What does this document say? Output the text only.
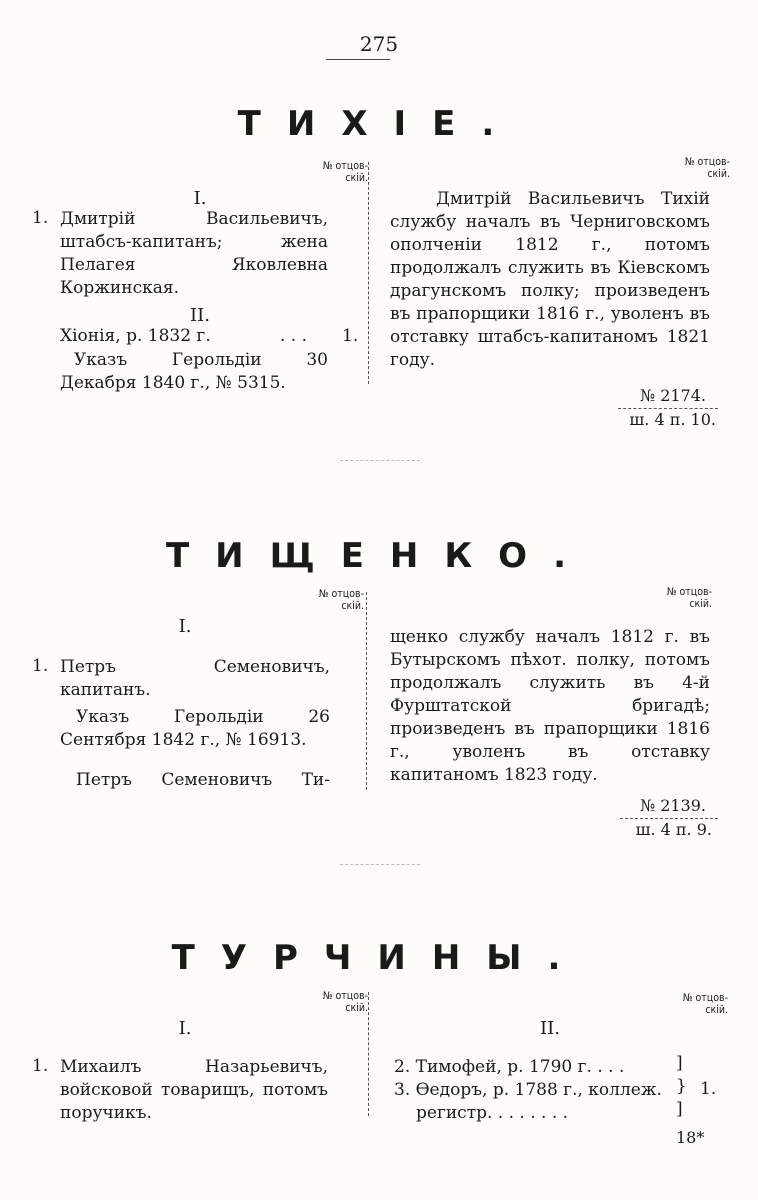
275
ТИХІЕ.
№ отцов-
скій.
№ отцов-
скій.
I.
1. Дмитрій Васильевичъ,

штабсъ-капитанъ; жена Пелагея Яковлевна Коржинская.

II.
Хіонія, р. 1832 г.	. . . 1.
Указъ Герольдіи 30 Декабря 1840 г., № 5315.
Дмитрій Васильевичъ Тихій службу началъ въ Черниговскомъ ополченіи 1812 г., потомъ продолжалъ служить въ Кіевскомъ драгунскомъ полку; произведенъ въ прапорщики 1816 г., уволенъ въ отставку штабсъ-капитаномъ 1821 году.
№ 2174.
ш. 4 п. 10.
ТИЩЕНКО.
№ отцов-
скій.
№ отцов-
скій.
I.
1. Петръ Семеновичъ, капитанъ.
Указъ Герольдіи 26 Сентября 1842 г., № 16913.
Петръ Семеновичъ Ти-
щенко службу началъ 1812 г. въ Бутырскомъ пѣхот. полку, потомъ продолжалъ служить въ 4-й Фурштатской бригадѣ; произведенъ въ прапорщики 1816 г., уволенъ въ отставку капитаномъ 1823 году.
№ 2139.
ш. 4 п. 9.
ТУРЧИНЫ.
№ отцов-
скій.
№ отцов-
скій.
I.	II.
1. Михаилъ Назарьевичъ,

войсковой товарищъ, потомъ поручикъ.

2. Тимофей, р. 1790 г. . . .
3. Ѳедоръ, р. 1788 г., коллеж.
регистр. . . . . . . .
]
}
]
1.
18*
